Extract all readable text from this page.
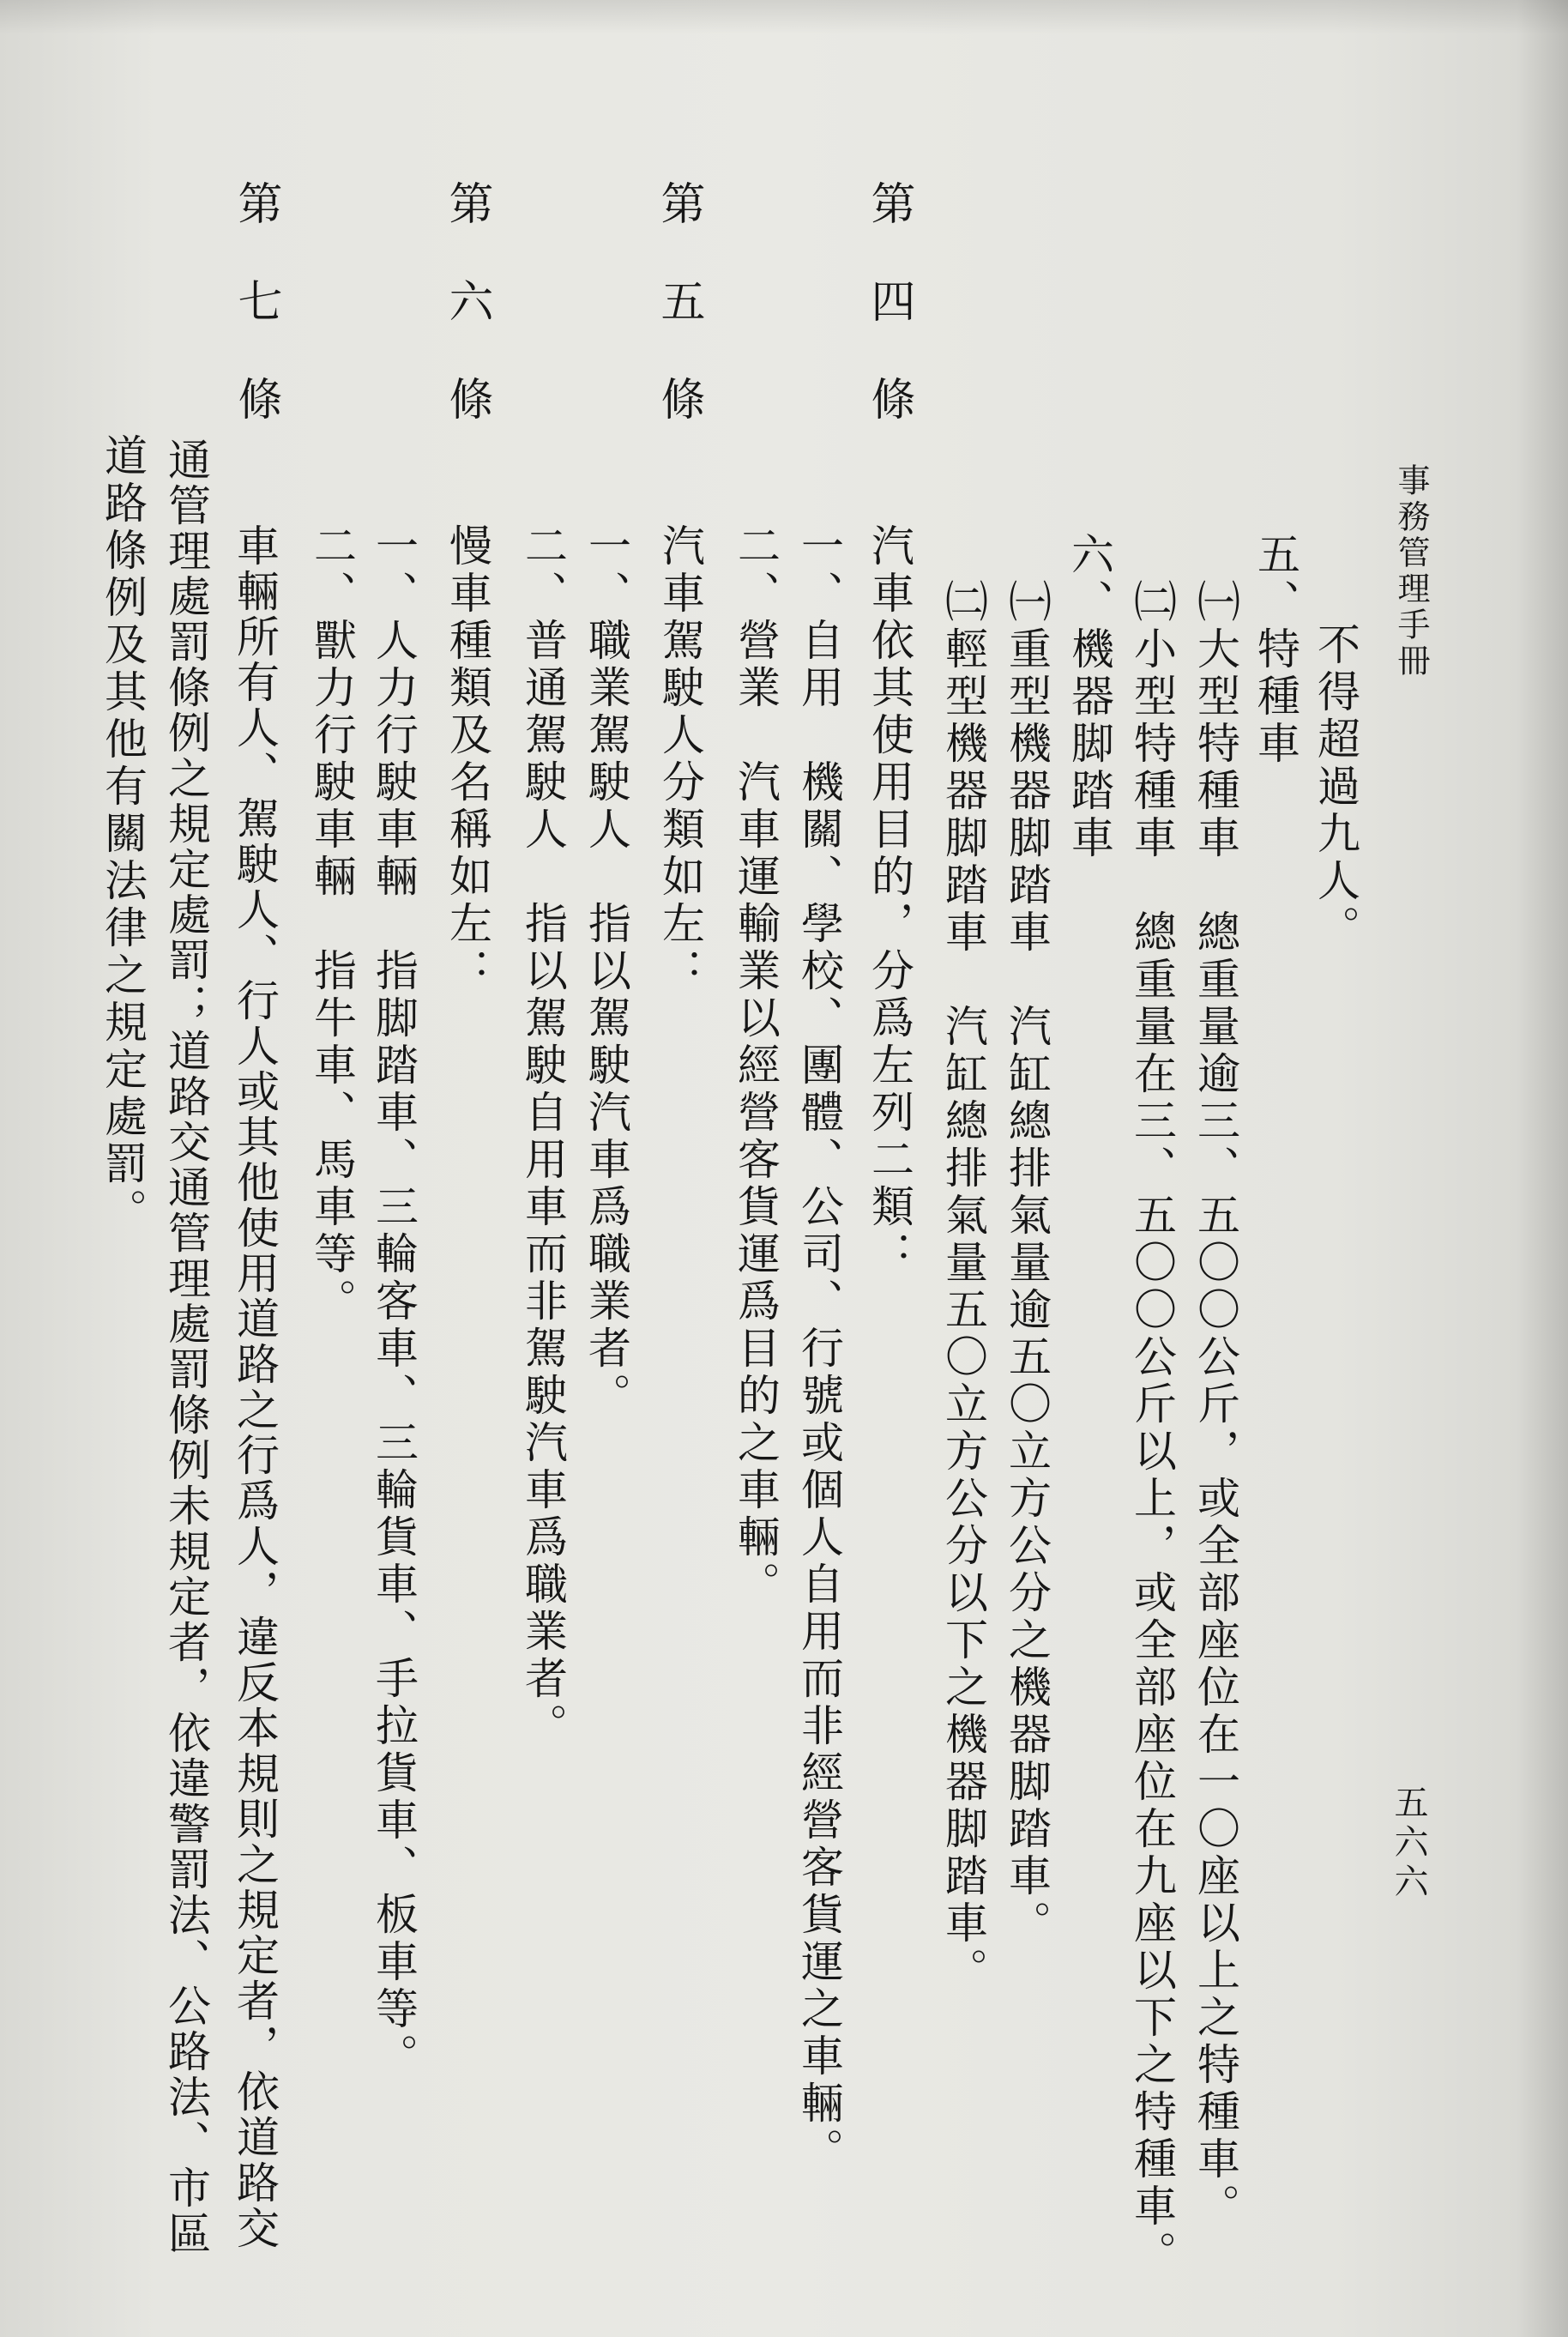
事務管理手冊
五六六
不得超過九人。
五、特種車
㈠大型特種車　總重量逾三、五〇〇公斤，或全部座位在一〇座以上之特種車。
㈡小型特種車　總重量在三、五〇〇公斤以上，或全部座位在九座以下之特種車。
六、機器脚踏車
㈠重型機器脚踏車　汽缸總排氣量逾五〇立方公分之機器脚踏車。
㈡輕型機器脚踏車　汽缸總排氣量五〇立方公分以下之機器脚踏車。
第四條
汽車依其使用目的，分爲左列二類：
一、自用　機關、學校、團體、公司、行號或個人自用而非經營客貨運之車輛。
二、營業　汽車運輸業以經營客貨運爲目的之車輛。
第五條
汽車駕駛人分類如左：
一、職業駕駛人　指以駕駛汽車爲職業者。
二、普通駕駛人　指以駕駛自用車而非駕駛汽車爲職業者。
第六條
慢車種類及名稱如左：
一、人力行駛車輛　指脚踏車、三輪客車、三輪貨車、手拉貨車、板車等。
二、獸力行駛車輛　指牛車、馬車等。
第七條
車輛所有人、駕駛人、行人或其他使用道路之行爲人，違反本規則之規定者，依道路交
通管理處罰條例之規定處罰；道路交通管理處罰條例未規定者，依違警罰法、公路法、市區
道路條例及其他有關法律之規定處罰。
